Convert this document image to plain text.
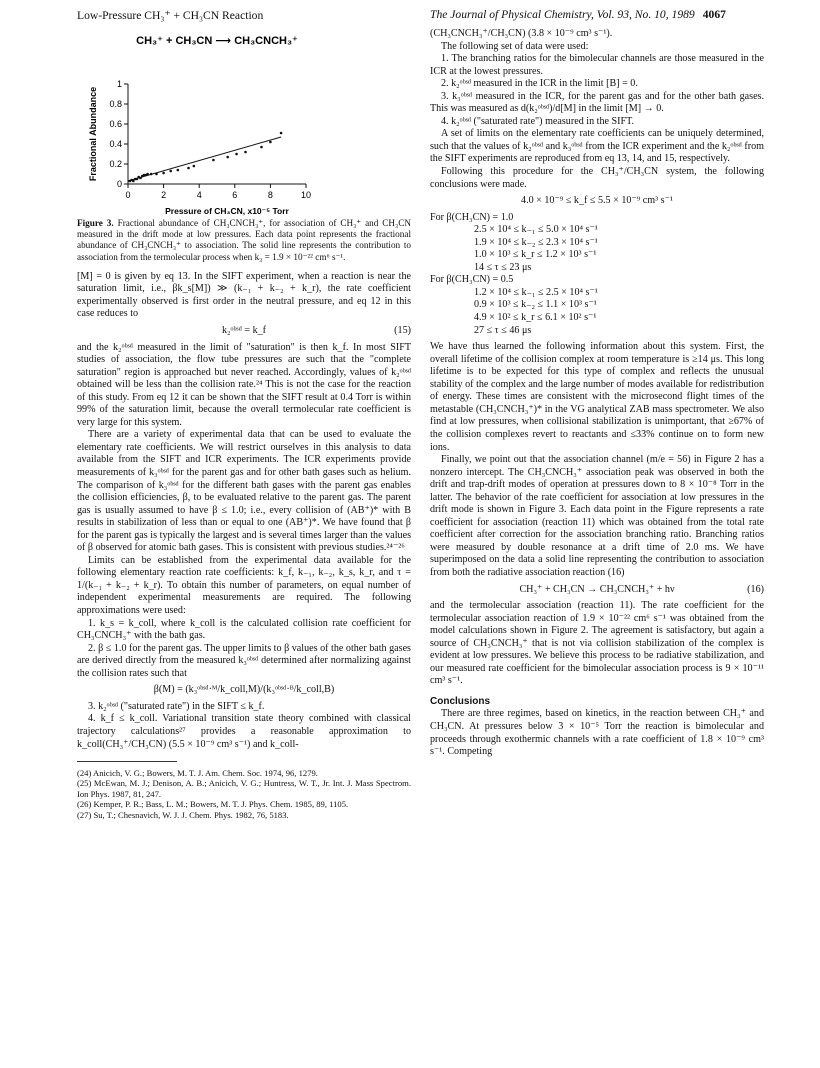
Low-Pressure CH₃⁺ + CH₃CN Reaction	The Journal of Physical Chemistry, Vol. 93, No. 10, 1989 4067
CH₃⁺ + CH₃CN ⟶ CH₃CNCH₃⁺
0
0.2
0.4
0.6
0.8
1
0	2	4	6	8	10
Fractional Abundance
Pressure of CH₃CN, x10⁻⁵ Torr

Figure 3. Fractional abundance of CH₃CNCH₃⁺, for association of CH₃⁺ and CH₃CN measured in the drift mode at low pressures. Each data point represents the fractional abundance of CH₃CNCH₃⁺ to association. The solid line represents the contribution to association from the termolecular process when k₃ = 1.9 × 10⁻²² cm⁶ s⁻¹.

[M] = 0 is given by eq 13. In the SIFT experiment, when a reaction is near the saturation limit, i.e., βk_s[M]) ≫ (k₋₁ + k₋₂ + k_r), the rate coefficient experimentally observed is first order in the neutral pressure, and eq 12 in this case reduces to

k₂ᵒᵇˢᵈ = k_f	(15)

and the k₂ᵒᵇˢᵈ measured in the limit of "saturation" is then k_f. In most SIFT studies of association, the flow tube pressures are such that the "complete saturation" region is approached but never reached. Accordingly, values of k₂ᵒᵇˢᵈ obtained will be less than the collision rate.²⁴ This is not the case for the reaction of this study. From eq 12 it can be shown that the SIFT result at 0.4 Torr is within 99% of the saturation limit, because the overall termolecular rate coefficient is very large for this system.

There are a variety of experimental data that can be used to evaluate the elementary rate coefficients. We will restrict ourselves in this analysis to data available from the SIFT and ICR experiments. The ICR experiments provide measurements of k₃ᵒᵇˢᵈ for the parent gas and for other bath gases such as helium. The comparison of k₃ᵒᵇˢᵈ for the different bath gases with the parent gas enables the collision efficiencies, β, to be evaluated relative to the parent gas. The parent gas is usually assumed to have β ≤ 1.0; i.e., every collision of (AB⁺)* with B results in stabilization of less than or equal to one (AB⁺)*. We have found that β for the parent gas is typically the largest and is several times larger than the values of β observed for atomic bath gases. This is consistent with previous studies.²⁴⁻²⁶

Limits can be established from the experimental data available for the following elementary reaction rate coefficients: k_f, k₋₁, k₋₂, k_s, k_r, and τ = 1/(k₋₁ + k₋₂ + k_r). To obtain this number of parameters, on equal number of independent experimental measurements are required. The following approximations were used:

1. k_s = k_coll, where k_coll is the calculated collision rate coefficient for CH₃CNCH₃⁺ with the bath gas.

2. β ≤ 1.0 for the parent gas. The upper limits to β values of the other bath gases are derived directly from the measured k₃ᵒᵇˢᵈ determined after normalizing against the collision rates such that

β(M) = (k₃ᵒᵇˢᵈ·ᴹ/k_coll,M)/(k₃ᵒᵇˢᵈ·ᴮ/k_coll,B)

3. k₂ᵒᵇˢᵈ ("saturated rate") in the SIFT ≤ k_f.

4. k_f ≤ k_coll. Variational transition state theory combined with classical trajectory calculations²⁷ provides a reasonable approximation to k_coll(CH₃⁺/CH₃CN) (5.5 × 10⁻⁹ cm³ s⁻¹) and k_coll-

(24) Anicich, V. G.; Bowers, M. T. J. Am. Chem. Soc. 1974, 96, 1279.

(25) McEwan, M. J.; Denison, A. B.; Anicich, V. G.; Huntress, W. T., Jr. Int. J. Mass Spectrom. Ion Phys. 1987, 81, 247.

(26) Kemper, P. R.; Bass, L. M.; Bowers, M. T. J. Phys. Chem. 1985, 89, 1105.

(27) Su, T.; Chesnavich, W. J. J. Chem. Phys. 1982, 76, 5183.

(CH₃CNCH₃⁺/CH₃CN) (3.8 × 10⁻⁹ cm³ s⁻¹).

The following set of data were used:

1. The branching ratios for the bimolecular channels are those measured in the ICR at the lowest pressures.

2. k₂ᵒᵇˢᵈ measured in the ICR in the limit [B] = 0.

3. k₃ᵒᵇˢᵈ measured in the ICR, for the parent gas and for the other bath gases. This was measured as d(k₂ᵒᵇˢᵈ)/d[M] in the limit [M] → 0.

4. k₂ᵒᵇˢᵈ ("saturated rate") measured in the SIFT.

A set of limits on the elementary rate coefficients can be uniquely determined, such that the values of k₂ᵒᵇˢᵈ and k₃ᵒᵇˢᵈ from the ICR experiment and the k₂ᵒᵇˢᵈ from the SIFT experiments are reproduced from eq 13, 14, and 15, respectively.

Following this procedure for the CH₃⁺/CH₃CN system, the following conclusions were made.

4.0 × 10⁻⁹ ≤ k_f ≤ 5.5 × 10⁻⁹ cm³ s⁻¹

For β(CH₃CN) = 1.0

2.5 × 10⁴ ≤ k₋₁ ≤ 5.0 × 10⁴ s⁻¹

1.9 × 10⁴ ≤ k₋₂ ≤ 2.3 × 10⁴ s⁻¹

1.0 × 10³ ≤ k_r ≤ 1.2 × 10³ s⁻¹

14 ≤ τ ≤ 23 μs

For β(CH₃CN) = 0.5

1.2 × 10⁴ ≤ k₋₁ ≤ 2.5 × 10⁴ s⁻¹

0.9 × 10³ ≤ k₋₂ ≤ 1.1 × 10³ s⁻¹

4.9 × 10² ≤ k_r ≤ 6.1 × 10² s⁻¹

27 ≤ τ ≤ 46 μs

We have thus learned the following information about this system. First, the overall lifetime of the collision complex at room temperature is ≥14 μs. This long lifetime is to be expected for this type of complex and reflects the unusual stability of the complex and the large number of modes available for redistribution of energy. These times are consistent with the microsecond flight times of the metastable (CH₃CNCH₃⁺)* in the VG analytical ZAB mass spectrometer. We also find at low pressures, when collisional stabilization is unimportant, that ≥67% of the collision complexes revert to reactants and ≤33% continue on to form new ions.

Finally, we point out that the association channel (m/e = 56) in Figure 2 has a nonzero intercept. The CH₃CNCH₃⁺ association peak was observed in both the drift and trap-drift modes of operation at pressures down to 8 × 10⁻⁸ Torr in the latter. The behavior of the rate coefficient for association at low pressures in the drift mode is shown in Figure 3. Each data point in the Figure represents a rate coefficient for association (reaction 11) which was obtained from the total rate coefficient after correction for the association branching ratio. Branching ratios were measured by double resonance at a drift time of 2.0 ms. We have superimposed on the data a solid line representing the contribution to association from both the radiative association reaction (16)

CH₃⁺ + CH₃CN → CH₃CNCH₃⁺ + hν	(16)

and the termolecular association (reaction 11). The rate coefficient for the termolecular association reaction of 1.9 × 10⁻²² cm⁶ s⁻¹ was obtained from the model calculations shown in Figure 2. The agreement is satisfactory, but again a source of CH₃CNCH₃⁺ that is not via collision stabilization of the complex is evident at low pressures. We believe this process to be radiative stabilization, and our measured rate coefficient for the bimolecular association process is 9 × 10⁻¹¹ cm³ s⁻¹.

Conclusions

There are three regimes, based on kinetics, in the reaction between CH₃⁺ and CH₃CN. At pressures below 3 × 10⁻⁵ Torr the reaction is bimolecular and proceeds through exothermic channels with a rate coefficient of 1.8 × 10⁻⁹ cm³ s⁻¹. Competing
